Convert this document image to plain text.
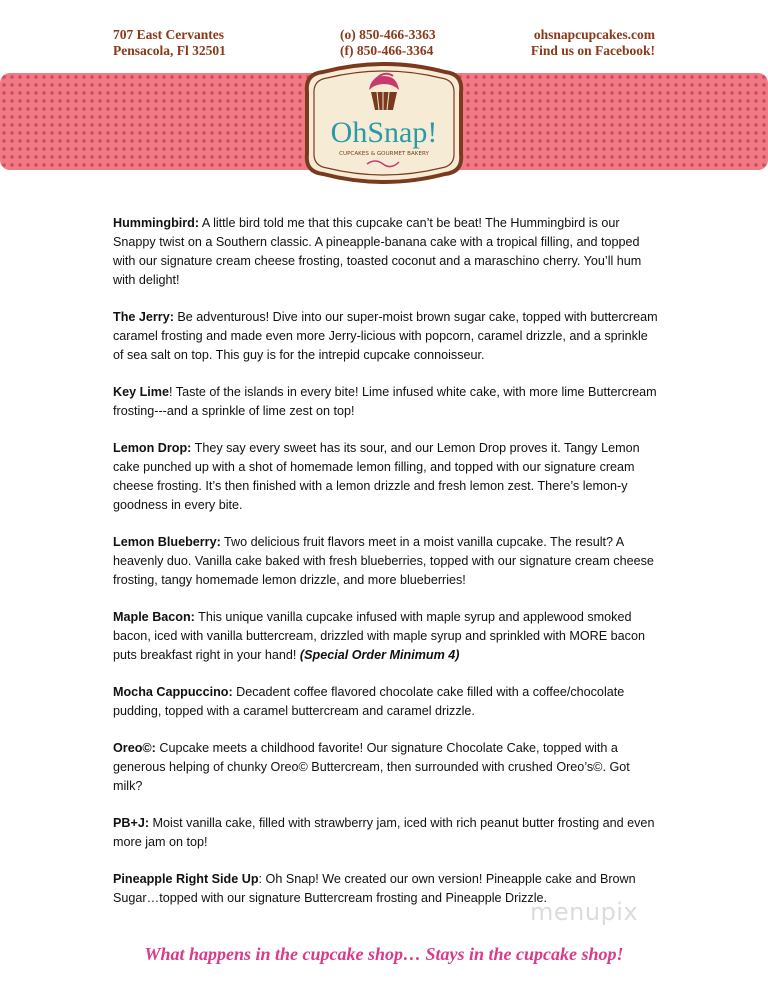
707 East Cervantes
Pensacola, Fl 32501
(o) 850-466-3363
(f) 850-466-3364
ohsnapcupcakes.com
Find us on Facebook!
OhSnap!
CUPCAKES & GOURMET BAKERY

Hummingbird: A little bird told me that this cupcake can’t be beat! The Hummingbird is our Snappy twist on a Southern classic. A pineapple-banana cake with a tropical filling, and topped with our signature cream cheese frosting, toasted coconut and a maraschino cherry. You’ll hum with delight!

The Jerry: Be adventurous! Dive into our super-moist brown sugar cake, topped with buttercream caramel frosting and made even more Jerry-licious with popcorn, caramel drizzle, and a sprinkle of sea salt on top. This guy is for the intrepid cupcake connoisseur.

Key Lime! Taste of the islands in every bite! Lime infused white cake, with more lime Buttercream frosting---and a sprinkle of lime zest on top!

Lemon Drop: They say every sweet has its sour, and our Lemon Drop proves it. Tangy Lemon cake punched up with a shot of homemade lemon filling, and topped with our signature cream cheese frosting. It’s then finished with a lemon drizzle and fresh lemon zest. There’s lemon-y goodness in every bite.

Lemon Blueberry: Two delicious fruit flavors meet in a moist vanilla cupcake. The result? A heavenly duo. Vanilla cake baked with fresh blueberries, topped with our signature cream cheese frosting, tangy homemade lemon drizzle, and more blueberries!

Maple Bacon: This unique vanilla cupcake infused with maple syrup and applewood smoked bacon, iced with vanilla buttercream, drizzled with maple syrup and sprinkled with MORE bacon puts breakfast right in your hand! (Special Order Minimum 4)

Mocha Cappuccino: Decadent coffee flavored chocolate cake filled with a coffee/chocolate pudding, topped with a caramel buttercream and caramel drizzle.

Oreo©: Cupcake meets a childhood favorite! Our signature Chocolate Cake, topped with a generous helping of chunky Oreo© Buttercream, then surrounded with crushed Oreo’s©. Got milk?

PB+J: Moist vanilla cake, filled with strawberry jam, iced with rich peanut butter frosting and even more jam on top!

Pineapple Right Side Up: Oh Snap! We created our own version! Pineapple cake and Brown Sugar…topped with our signature Buttercream frosting and Pineapple Drizzle.

menupix
What happens in the cupcake shop… Stays in the cupcake shop!
